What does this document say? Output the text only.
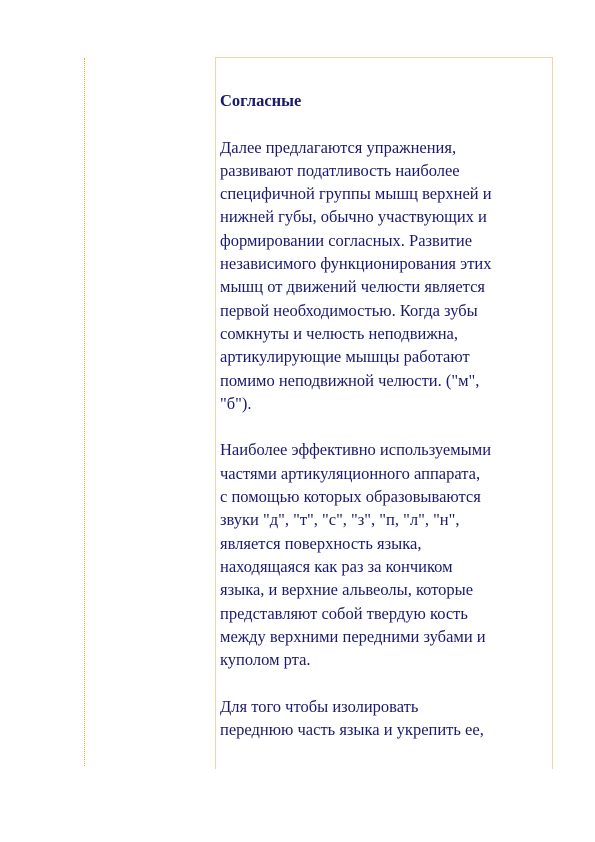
Согласные

Далее предлагаются упражнения,
развивают податливость наиболее
специфичной группы мышц верхней и
нижней губы, обычно участвующих и
формировании согласных. Развитие
независимого функционирования этих
мышц от движений челюсти является
первой необходимостью. Когда зубы
сомкнуты и челюсть неподвижна,
артикулирующие мышцы работают
помимо неподвижной челюсти. ("м",
"б").

Наиболее эффективно используемыми
частями артикуляционного аппарата,
с помощью которых образовываются
звуки "д", "т", "с", "з", "п, "л", "н",
является поверхность языка,
находящаяся как раз за кончиком
языка, и верхние альвеолы, которые
представляют собой твердую кость
между верхними передними зубами и
куполом рта.

Для того чтобы изолировать
переднюю часть языка и укрепить ее,
